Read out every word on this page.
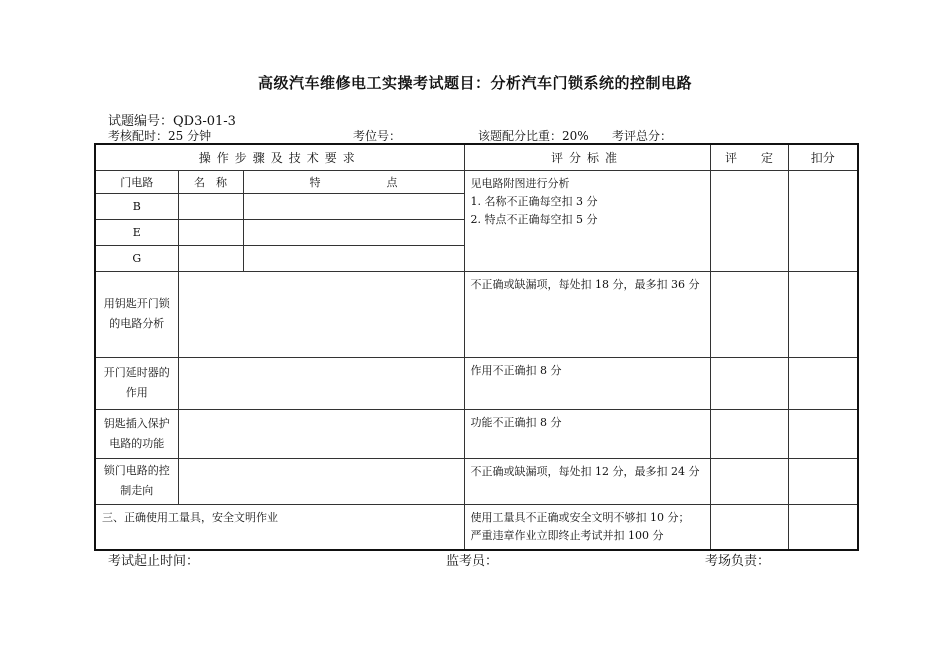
高级汽车维修电工实操考试题目：分析汽车门锁系统的控制电路
试题编号：QD3-01-3
考核配时：25 分钟	考位号：	该题配分比重：20% 考评总分：
操作步骤及技术要求			评分标准	评　　定	扣分
门电路	名　称	特　　　　　　点	见电路附图进行分析
1. 名称不正确每空扣 3 分
2. 特点不正确每空扣 5 分		

B					
E					
G					
用钥匙开门锁的电路分析			不正确或缺漏项，每处扣 18 分，最多扣 36 分		
开门延时器的作用			作用不正确扣 8 分		
钥匙插入保护电路的功能			功能不正确扣 8 分		
锁门电路的控制走向			不正确或缺漏项，每处扣 12 分，最多扣 24 分		
三、正确使用工量具，安全文明作业			使用工量具不正确或安全文明不够扣 10 分；
严重违章作业立即终止考试并扣 100 分		

考试起止时间：	监考员：	考场负责：
